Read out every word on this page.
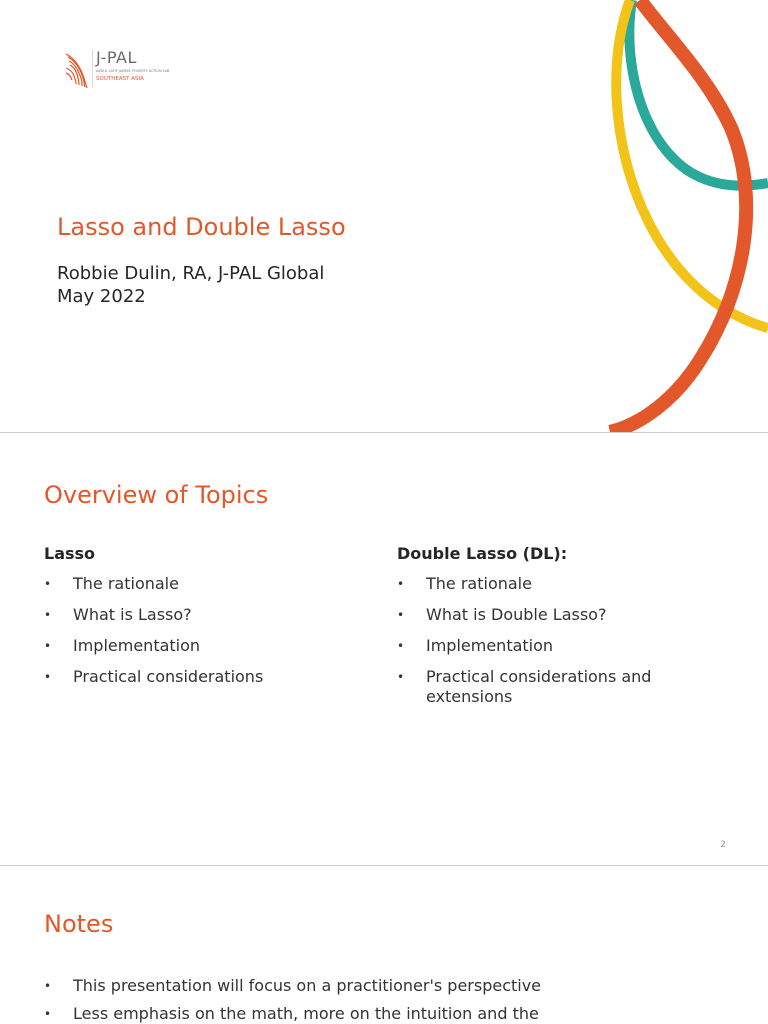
J-PAL
ABDUL LATIF JAMEEL POVERTY ACTION LAB
SOUTHEAST ASIA
Lasso and Double Lasso
Robbie Dulin, RA, J-PAL Global
May 2022
Overview of Topics
Lasso
• The rationale
• What is Lasso?
• Implementation
• Practical considerations
Double Lasso (DL):
• The rationale
• What is Double Lasso?
• Implementation
• Practical considerations and extensions
2
Notes
• This presentation will focus on a practitioner's perspective
• Less emphasis on the math, more on the intuition and the
